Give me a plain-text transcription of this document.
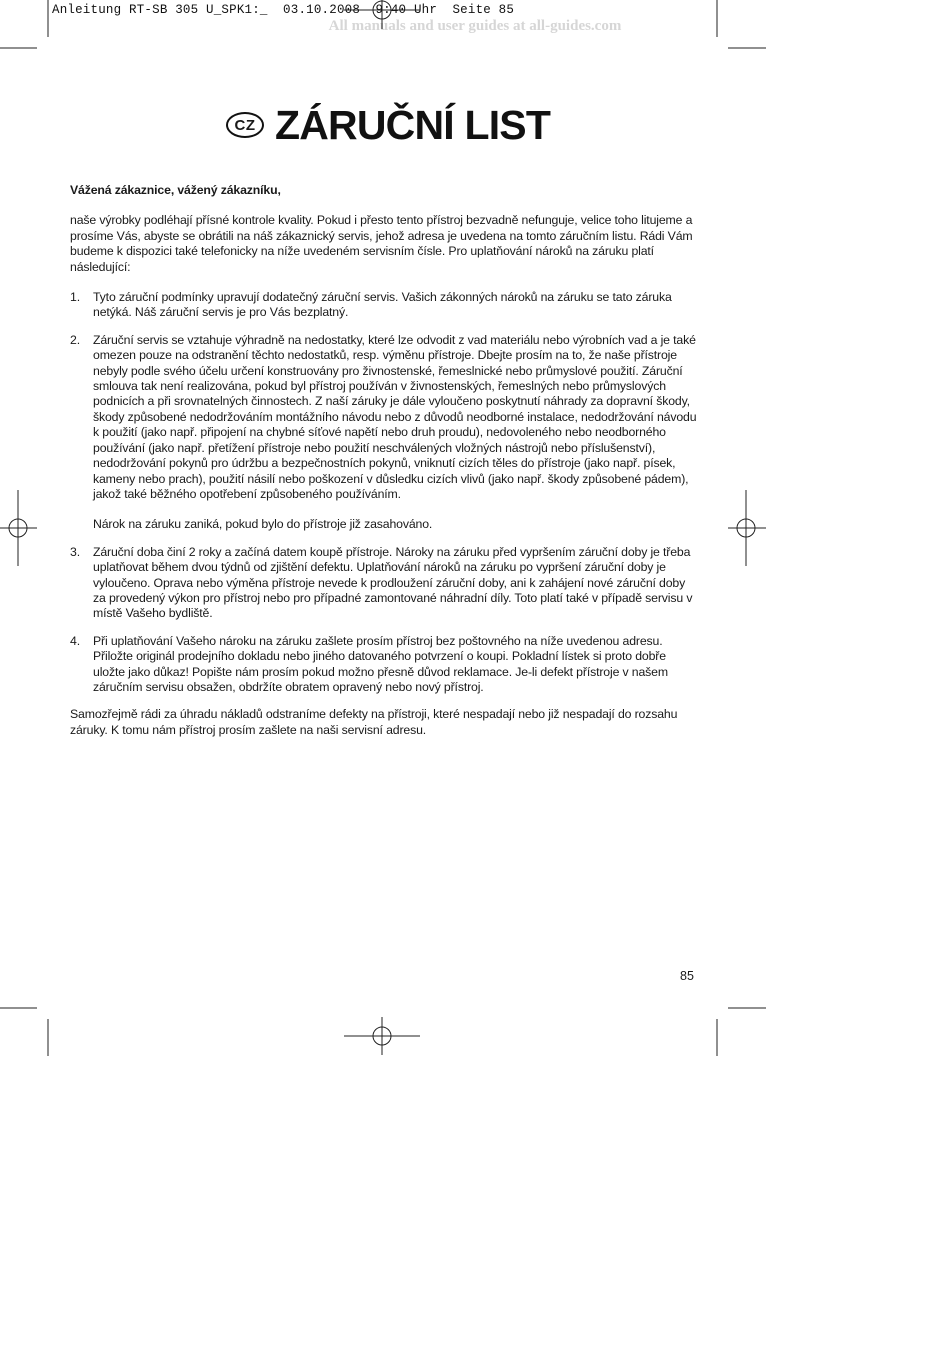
Anleitung RT-SB 305 U_SPK1:_  03.10.2008  9:40 Uhr  Seite 85
All manuals and user guides at all-guides.com
CZ ZÁRUČNÍ LIST

Vážená zákaznice, vážený zákazníku,

naše výrobky podléhají přísné kontrole kvality. Pokud i přesto tento přístroj bezvadně nefunguje, velice toho litujeme a prosíme Vás, abyste se obrátili na náš zákaznický servis, jehož adresa je uvedena na tomto záručním listu. Rádi Vám budeme k dispozici také telefonicky na níže uvedeném servisním čísle. Pro uplatňování nároků na záruku platí následující:

1.	Tyto záruční podmínky upravují dodatečný záruční servis. Vašich zákonných nároků na záruku se tato záruka netýká. Náš záruční servis je pro Vás bezplatný.

2.	Záruční servis se vztahuje výhradně na nedostatky, které lze odvodit z vad materiálu nebo výrobních vad a je také omezen pouze na odstranění těchto nedostatků, resp. výměnu přístroje. Dbejte prosím na to, že naše přístroje nebyly podle svého účelu určení konstruovány pro živnostenské, řemeslnické nebo průmyslové použití. Záruční smlouva tak není realizována, pokud byl přístroj používán v živnostenských, řemeslných nebo průmyslových podnicích a při srovnatelných činnostech. Z naší záruky je dále vyloučeno poskytnutí náhrady za dopravní škody, škody způsobené nedodržováním montážního návodu nebo z důvodů neodborné instalace, nedodržování návodu k použití (jako např. připojení na chybné síťové napětí nebo druh proudu), nedovoleného nebo neodborného používání (jako např. přetížení přístroje nebo použití neschválených vložných nástrojů nebo příslušenství), nedodržování pokynů pro údržbu a bezpečnostních pokynů, vniknutí cizích těles do přístroje (jako např. písek, kameny nebo prach), použití násilí nebo poškození v důsledku cizích vlivů (jako např. škody způsobené pádem), jakož také běžného opotřebení způsobeného používáním.

Nárok na záruku zaniká, pokud bylo do přístroje již zasahováno.

3.	Záruční doba činí 2 roky a začíná datem koupě přístroje. Nároky na záruku před vypršením záruční doby je třeba uplatňovat během dvou týdnů od zjištění defektu. Uplatňování nároků na záruku po vypršení záruční doby je vyloučeno. Oprava nebo výměna přístroje nevede k prodloužení záruční doby, ani k zahájení nové záruční doby za provedený výkon pro přístroj nebo pro případné zamontované náhradní díly. Toto platí také v případě servisu v místě Vašeho bydliště.

4.	Při uplatňování Vašeho nároku na záruku zašlete prosím přístroj bez poštovného na níže uvedenou adresu. Přiložte originál prodejního dokladu nebo jiného datovaného potvrzení o koupi. Pokladní lístek si proto dobře uložte jako důkaz! Popište nám prosím pokud možno přesně důvod reklamace. Je-li defekt přístroje v našem záručním servisu obsažen, obdržíte obratem opravený nebo nový přístroj.

Samozřejmě rádi za úhradu nákladů odstraníme defekty na přístroji, které nespadají nebo již nespadají do rozsahu záruky. K tomu nám přístroj prosím zašlete na naši servisní adresu.

85
